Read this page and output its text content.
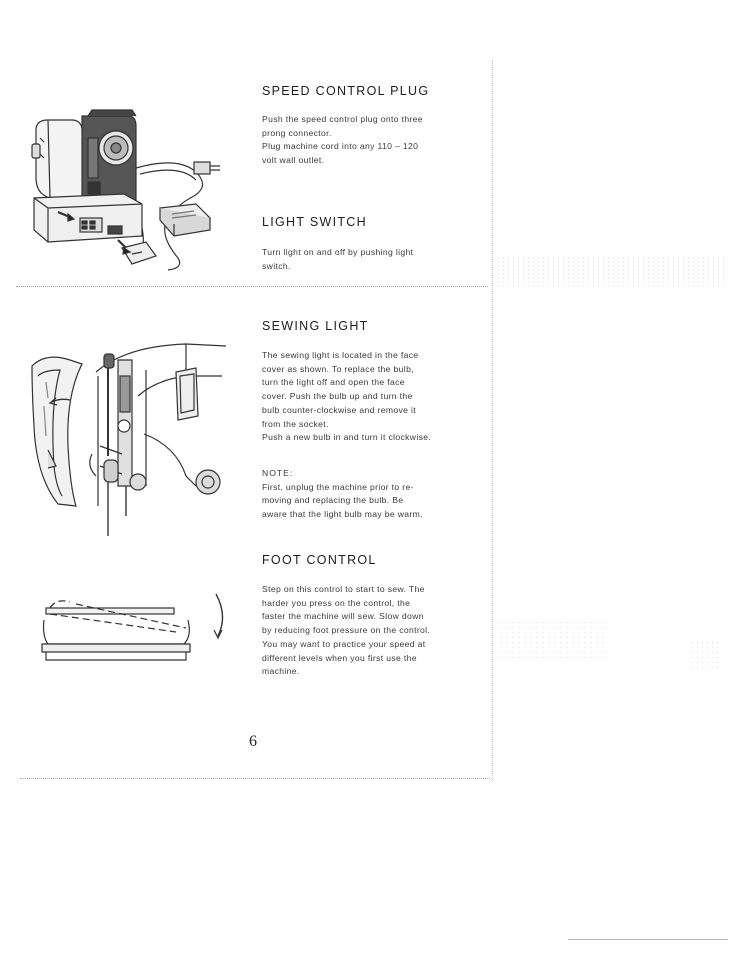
SPEED CONTROL PLUG
Push the speed control plug onto three
prong connector.
Plug machine cord into any 110 – 120
volt wall outlet.
LIGHT SWITCH
Turn light on and off by pushing light
switch.
SEWING LIGHT
The sewing light is located in the face
cover as shown. To replace the bulb,
turn the light off and open the face
cover. Push the bulb up and turn the
bulb counter-clockwise and remove it
from the socket.
Push a new bulb in and turn it clockwise.
NOTE:
First, unplug the machine prior to re-
moving and replacing the bulb. Be
aware that the light bulb may be warm.
FOOT CONTROL
Step on this control to start to sew. The
harder you press on the control, the
faster the machine will sew. Slow down
by reducing foot pressure on the control.
You may want to practice your speed at
different levels when you first use the
machine.

6
